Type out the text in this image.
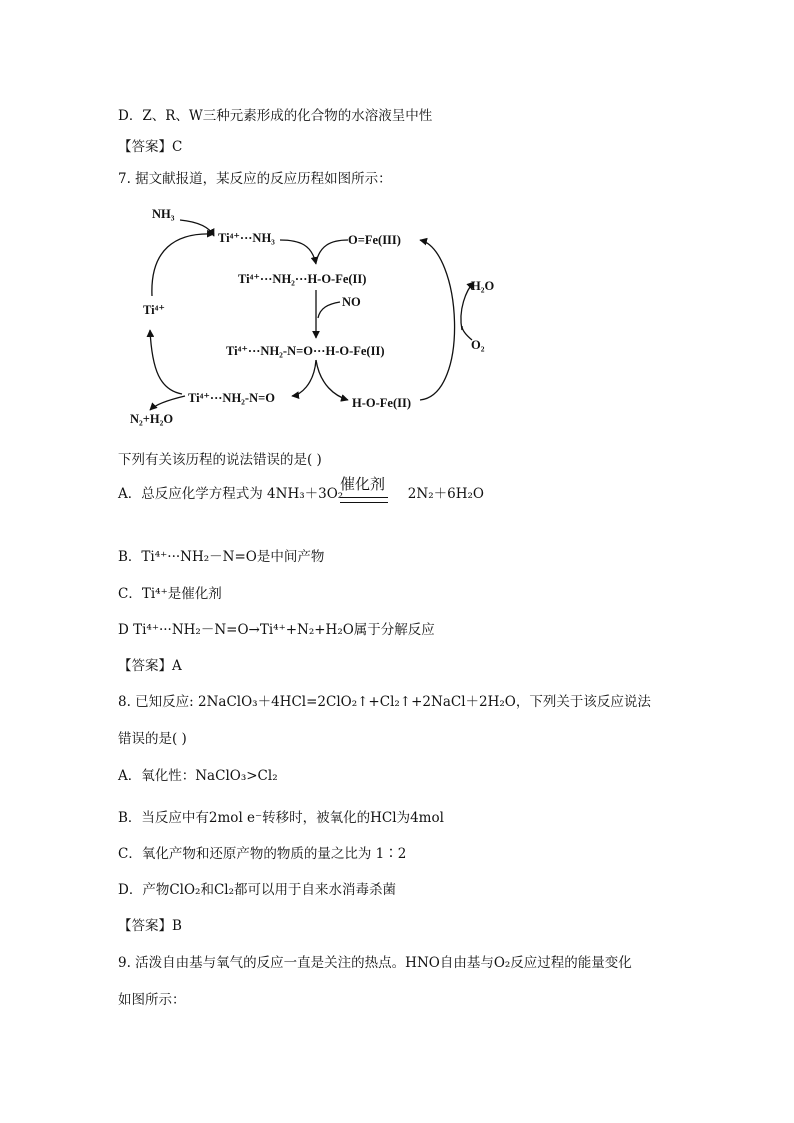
D．Z、R、W三种元素形成的化合物的水溶液呈中性
【答案】C
7. 据文献报道，某反应的反应历程如图所示：
NH₃
Ti⁴⁺···NH₃	O=Fe(III)
Ti⁴⁺···NH₂···H-O-Fe(II)
NO
Ti⁴⁺
H₂O
O₂
Ti⁴⁺···NH₂-N=O···H-O-Fe(II)
Ti⁴⁺···NH₂-N=O	H-O-Fe(II)
N₂+H₂O
下列有关该历程的说法错误的是( )
A．总反应化学方程式为 4NH₃＋3O₂	2N₂＋6H₂O
催化剂
B．Ti⁴⁺···NH₂－N=O是中间产物
C．Ti⁴⁺是催化剂
D Ti⁴⁺···NH₂－N=O→Ti⁴⁺+N₂+H₂O属于分解反应
【答案】A
8. 已知反应: 2NaClO₃＋4HCl=2ClO₂↑+Cl₂↑+2NaCl＋2H₂O，下列关于该反应说法
错误的是( )
A．氧化性：NaClO₃>Cl₂
B．当反应中有2mol e⁻转移时，被氧化的HCl为4mol
C．氧化产物和还原产物的物质的量之比为 1∶2
D．产物ClO₂和Cl₂都可以用于自来水消毒杀菌
【答案】B
9. 活泼自由基与氧气的反应一直是关注的热点。HNO自由基与O₂反应过程的能量变化
如图所示：
